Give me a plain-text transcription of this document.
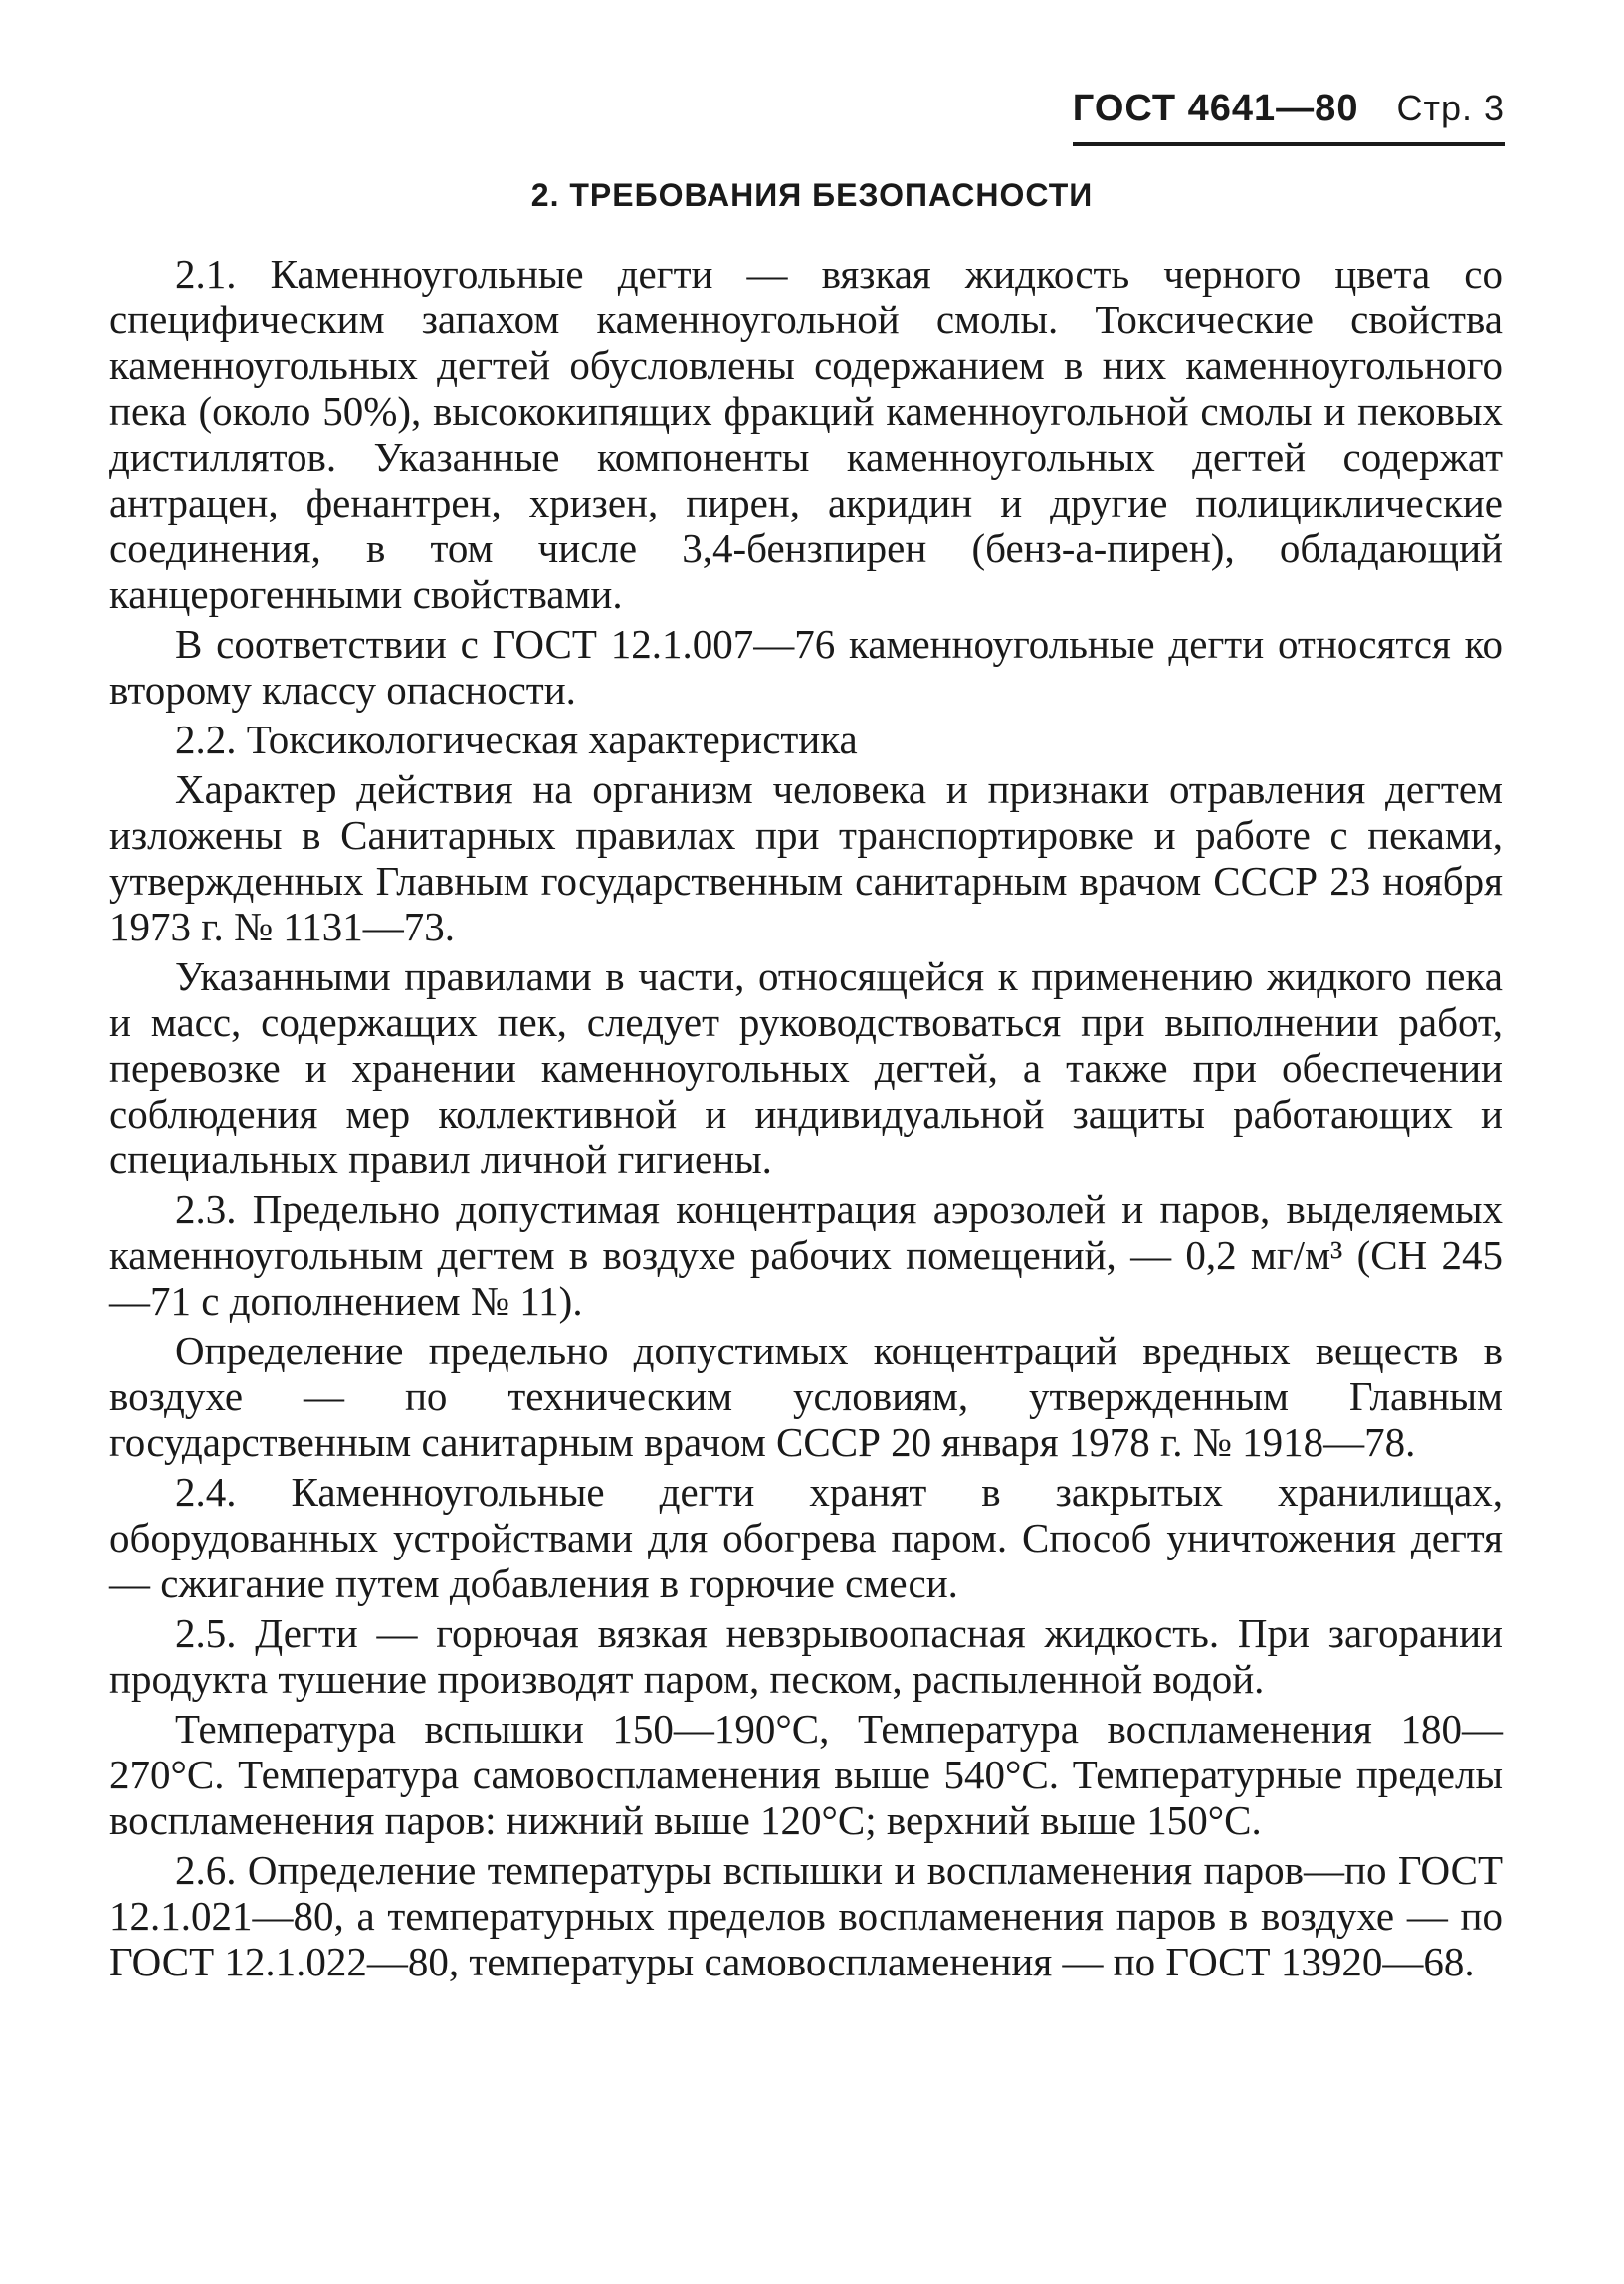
ГОСТ 4641—80 Стр. 3
2. ТРЕБОВАНИЯ БЕЗОПАСНОСТИ

2.1. Каменноугольные дегти — вязкая жидкость черного цвета со специфическим запахом каменноугольной смолы. Токсические свойства каменноугольных дегтей обусловлены содержанием в них каменноугольного пека (около 50%), высококипящих фракций каменноугольной смолы и пековых дистиллятов. Указанные компоненты каменноугольных дегтей содержат антрацен, фенантрен, хризен, пирен, акридин и другие полициклические соединения, в том числе 3,4-бензпирен (бенз-а-пирен), обладающий канцерогенными свойствами.

В соответствии с ГОСТ 12.1.007—76 каменноугольные дегти относятся ко второму классу опасности.

2.2. Токсикологическая характеристика

Характер действия на организм человека и признаки отравления дегтем изложены в Санитарных правилах при транспортировке и работе с пеками, утвержденных Главным государственным санитарным врачом СССР 23 ноября 1973 г. № 1131—73.

Указанными правилами в части, относящейся к применению жидкого пека и масс, содержащих пек, следует руководствоваться при выполнении работ, перевозке и хранении каменноугольных дегтей, а также при обеспечении соблюдения мер коллективной и индивидуальной защиты работающих и специальных правил личной гигиены.

2.3. Предельно допустимая концентрация аэрозолей и паров, выделяемых каменноугольным дегтем в воздухе рабочих помещений, — 0,2 мг/м³ (СН 245—71 с дополнением № 11).

Определение предельно допустимых концентраций вредных веществ в воздухе — по техническим условиям, утвержденным Главным государственным санитарным врачом СССР 20 января 1978 г. № 1918—78.

2.4. Каменноугольные дегти хранят в закрытых хранилищах, оборудованных устройствами для обогрева паром. Способ уничтожения дегтя — сжигание путем добавления в горючие смеси.

2.5. Дегти — горючая вязкая невзрывоопасная жидкость. При загорании продукта тушение производят паром, песком, распыленной водой.

Температура вспышки 150—190°С, Температура воспламенения 180—270°С. Температура самовоспламенения выше 540°С. Температурные пределы воспламенения паров: нижний выше 120°С; верхний выше 150°С.

2.6. Определение температуры вспышки и воспламенения паров—по ГОСТ 12.1.021—80, а температурных пределов воспламенения паров в воздухе — по ГОСТ 12.1.022—80, температуры самовоспламенения — по ГОСТ 13920—68.
